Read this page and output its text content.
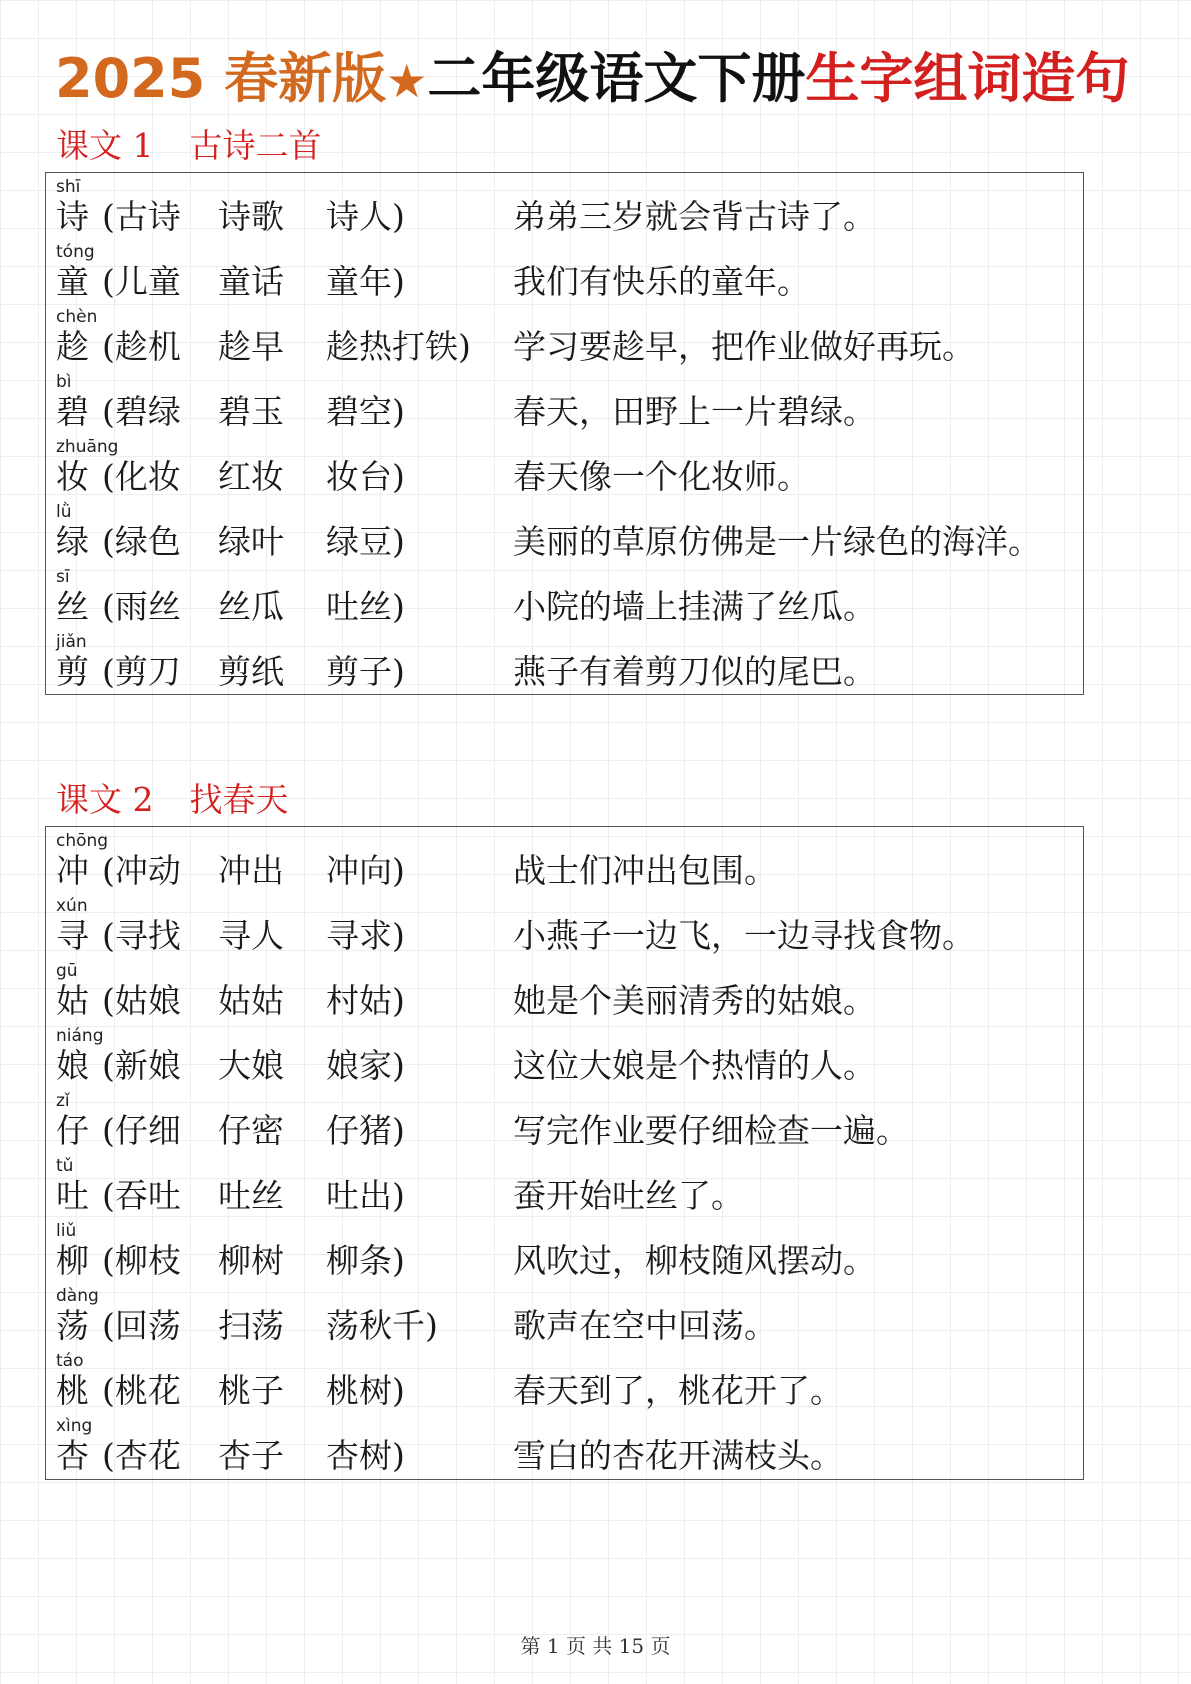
2025 春新版★二年级语文下册生字组词造句
课文 1 古诗二首
shī
诗 (古诗 诗歌 诗人)	弟弟三岁就会背古诗了。
tóng
童 (儿童 童话 童年)	我们有快乐的童年。
chèn
趁 (趁机 趁早 趁热打铁) 学习要趁早，把作业做好再玩。
bì
碧 (碧绿 碧玉 碧空)	春天，田野上一片碧绿。
zhuāng
妆 (化妆 红妆 妆台)	春天像一个化妆师。
lǜ
绿 (绿色 绿叶 绿豆)	美丽的草原仿佛是一片绿色的海洋。
sī
丝 (雨丝 丝瓜 吐丝)	小院的墙上挂满了丝瓜。
jiǎn
剪 (剪刀 剪纸 剪子)	燕子有着剪刀似的尾巴。
课文 2 找春天
chōng
冲 (冲动 冲出 冲向)	战士们冲出包围。
xún
寻 (寻找 寻人 寻求)	小燕子一边飞，一边寻找食物。
gū
姑 (姑娘 姑姑 村姑)	她是个美丽清秀的姑娘。
niáng
娘 (新娘 大娘 娘家)	这位大娘是个热情的人。
zǐ
仔 (仔细 仔密 仔猪)	写完作业要仔细检查一遍。
tǔ
吐 (吞吐 吐丝 吐出)	蚕开始吐丝了。
liǔ
柳 (柳枝 柳树 柳条)	风吹过，柳枝随风摆动。
dàng
荡 (回荡 扫荡 荡秋千) 歌声在空中回荡。
táo
桃 (桃花 桃子 桃树)	春天到了，桃花开了。
xìng
杏 (杏花 杏子 杏树)	雪白的杏花开满枝头。
第 1 页 共 15 页
